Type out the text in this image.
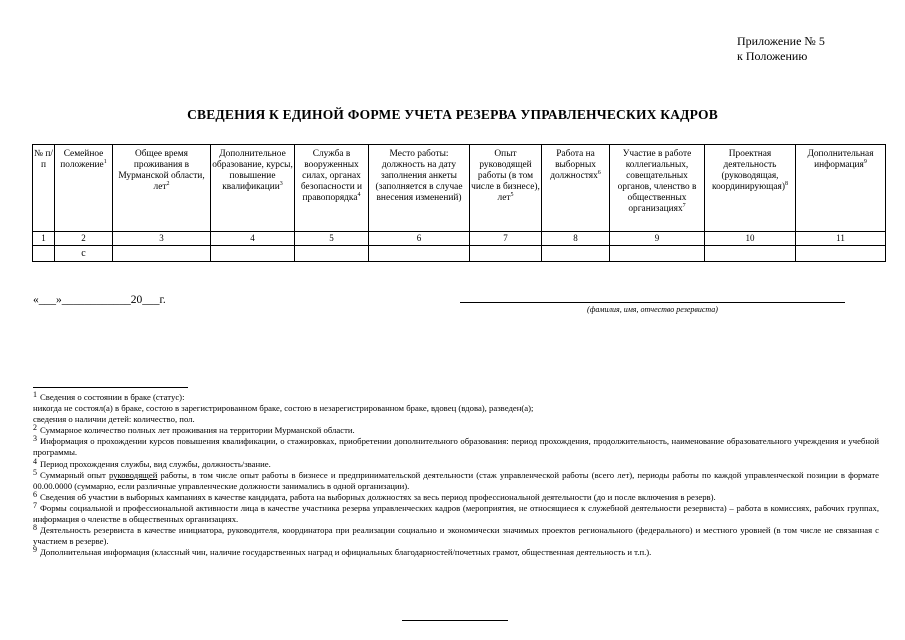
Приложение № 5
к Положению
СВЕДЕНИЯ К ЕДИНОЙ ФОРМЕ УЧЕТА РЕЗЕРВА УПРАВЛЕНЧЕСКИХ КАДРОВ
№ п/п	Семейное положение$^1$	Общее время проживания в Мурманской области, лет$^2$	Дополнительное образование, курсы, повышение квалификации$^3$	Служба в вооруженных силах, органах безопасности и правопорядка$^4$	Место работы: должность на дату заполнения анкеты (заполняется в случае внесения изменений)	Опыт руководящей работы (в том числе в бизнесе), лет$^5$	Работа на выборных должностях$^6$	Участие в работе коллегиальных, совещательных органов, членство в общественных организациях$^7$	Проектная деятельность (руководящая, координирующая)$^8$	Дополнительная информация$^9$
1	2	3	4	5	6	7	8	9	10	11
	с									
«___»____________20___г.
(фамилия, имя, отчество резервиста)

1 Сведения о состоянии в браке (статус):

никогда не состоял(а) в браке, состою в зарегистрированном браке, состою в незарегистрированном браке, вдовец (вдова), разведен(а);

сведения о наличии детей: количество, пол.

2 Суммарное количество полных лет проживания на территории Мурманской области.

3 Информация о прохождении курсов повышения квалификации, о стажировках, приобретении дополнительного образования: период прохождения, продолжительность, наименование образовательного учреждения и учебной программы.

4 Период прохождения службы, вид службы, должность/звание.

5 Суммарный опыт руководящей работы, в том числе опыт работы в бизнесе и предпринимательской деятельности (стаж управленческой работы (всего лет), периоды работы по каждой управленческой позиции в формате 00.00.0000 (суммарно, если различные управленческие должности занимались в одной организации).

6 Сведения об участии в выборных кампаниях в качестве кандидата, работа на выборных должностях за весь период профессиональной деятельности (до и после включения в резерв).

7 Формы социальной и профессиональной активности лица в качестве участника резерва управленческих кадров (мероприятия, не относящиеся к служебной деятельности резервиста) – работа в комиссиях, рабочих группах, информация о членстве в общественных организациях.

8 Деятельность резервиста в качестве инициатора, руководителя, координатора при реализации социально и экономически значимых проектов регионального (федерального) и местного уровней (в том числе не связанная с участием в резерве).

9 Дополнительная информация (классный чин, наличие государственных наград и официальных благодарностей/почетных грамот, общественная деятельность и т.п.).
